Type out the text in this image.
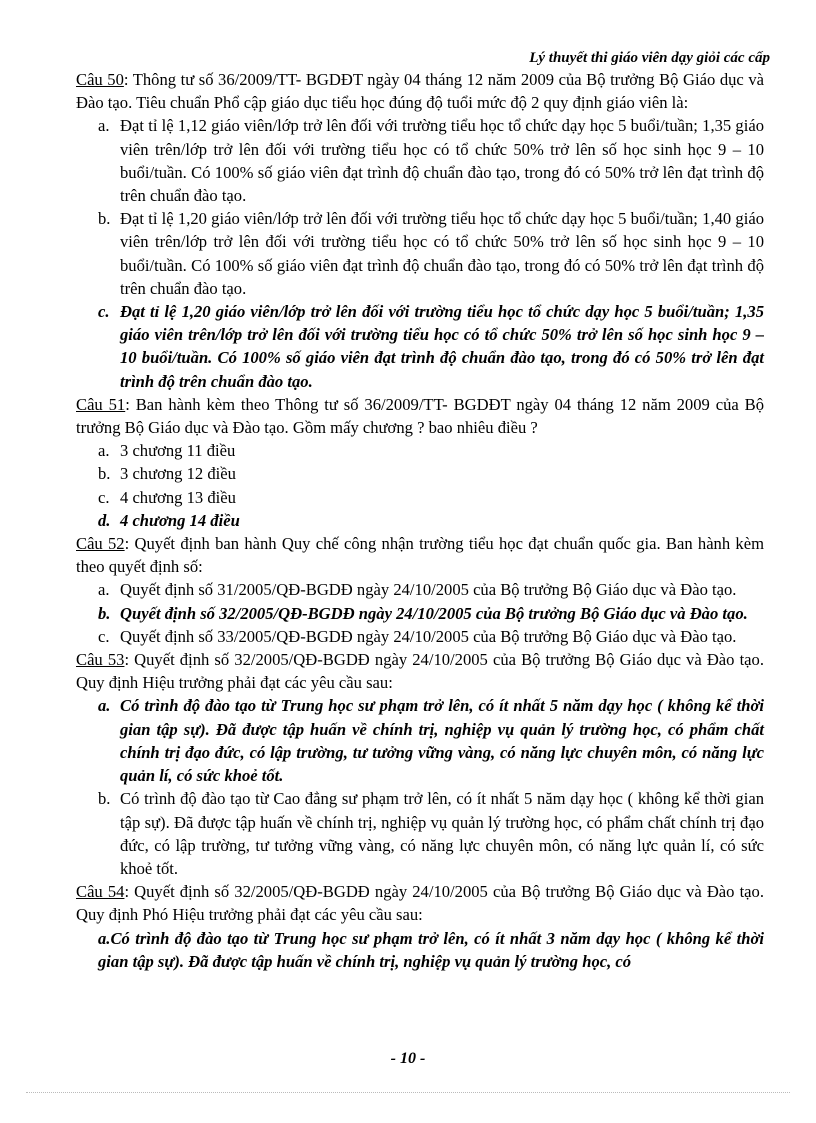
Lý thuyết thi giáo viên dạy giỏi các cấp

Câu 50: Thông tư số 36/2009/TT- BGDĐT ngày 04 tháng 12 năm 2009 của Bộ trưởng Bộ Giáo dục và Đào tạo. Tiêu chuẩn Phổ cập giáo dục tiểu học đúng độ tuổi mức độ 2 quy định giáo viên là:

a. Đạt tỉ lệ 1,12 giáo viên/lớp trở lên đối với trường tiểu học tổ chức dạy học 5 buổi/tuần; 1,35 giáo viên trên/lớp trở lên đối với trường tiểu học có tổ chức 50% trở lên số học sinh học 9 – 10 buổi/tuần. Có 100% số giáo viên đạt trình độ chuẩn đào tạo, trong đó có 50% trở lên đạt trình độ trên chuẩn đào tạo.
b. Đạt tỉ lệ 1,20 giáo viên/lớp trở lên đối với trường tiểu học tổ chức dạy học 5 buổi/tuần; 1,40 giáo viên trên/lớp trở lên đối với trường tiểu học có tổ chức 50% trở lên số học sinh học 9 – 10 buổi/tuần. Có 100% số giáo viên đạt trình độ chuẩn đào tạo, trong đó có 50% trở lên đạt trình độ trên chuẩn đào tạo.
c. Đạt tỉ lệ 1,20 giáo viên/lớp trở lên đối với trường tiểu học tổ chức dạy học 5 buổi/tuần; 1,35 giáo viên trên/lớp trở lên đối với trường tiểu học có tổ chức 50% trở lên số học sinh học 9 – 10 buổi/tuần. Có 100% số giáo viên đạt trình độ chuẩn đào tạo, trong đó có 50% trở lên đạt trình độ trên chuẩn đào tạo.

Câu 51: Ban hành kèm theo Thông tư số 36/2009/TT- BGDĐT ngày 04 tháng 12 năm 2009 của Bộ trưởng Bộ Giáo dục và Đào tạo. Gồm mấy chương ? bao nhiêu điều ?

a. 3 chương 11 điều
b. 3 chương 12 điều
c. 4 chương 13 điều
d. 4 chương 14 điều

Câu 52: Quyết định ban hành Quy chế công nhận trường tiểu học đạt chuẩn quốc gia. Ban hành kèm theo quyết định số:

a. Quyết định số 31/2005/QĐ-BGDĐ ngày 24/10/2005 của Bộ trưởng Bộ Giáo dục và Đào tạo.
b. Quyết định số 32/2005/QĐ-BGDĐ ngày 24/10/2005 của Bộ trưởng Bộ Giáo dục và Đào tạo.
c. Quyết định số 33/2005/QĐ-BGDĐ ngày 24/10/2005 của Bộ trưởng Bộ Giáo dục và Đào tạo.

Câu 53: Quyết định số 32/2005/QĐ-BGDĐ ngày 24/10/2005 của Bộ trưởng Bộ Giáo dục và Đào tạo. Quy định Hiệu trưởng phải đạt các yêu cầu sau:

a. Có trình độ đào tạo từ Trung học sư phạm trở lên, có ít nhất 5 năm dạy học ( không kể thời gian tập sự). Đã được tập huấn về chính trị, nghiệp vụ quản lý trường học, có phẩm chất chính trị đạo đức, có lập trường, tư tưởng vững vàng, có năng lực chuyên môn, có năng lực quản lí, có sức khoẻ tốt.
b. Có trình độ đào tạo từ Cao đẳng sư phạm trở lên, có ít nhất 5 năm dạy học ( không kể thời gian tập sự). Đã được tập huấn về chính trị, nghiệp vụ quản lý trường học, có phẩm chất chính trị đạo đức, có lập trường, tư tưởng vững vàng, có năng lực chuyên môn, có năng lực quản lí, có sức khoẻ tốt.

Câu 54: Quyết định số 32/2005/QĐ-BGDĐ ngày 24/10/2005 của Bộ trưởng Bộ Giáo dục và Đào tạo. Quy định Phó Hiệu trưởng phải đạt các yêu cầu sau:

a.Có trình độ đào tạo từ Trung học sư phạm trở lên, có ít nhất 3 năm dạy học ( không kể thời gian tập sự). Đã được tập huấn về chính trị, nghiệp vụ quản lý trường học, có
- 10 -
